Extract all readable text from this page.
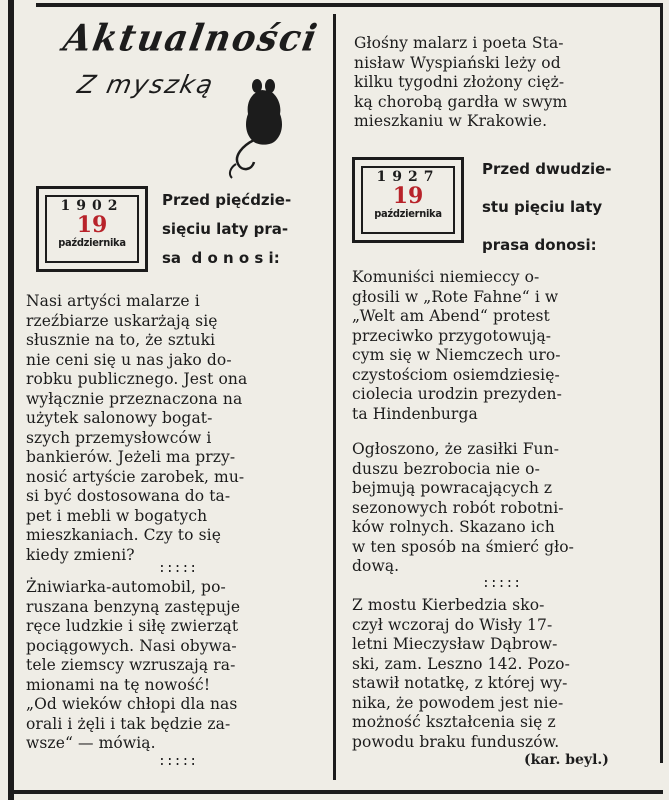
Aktualności
Z myszką
1902
19
października
Przed pięćdzie-
sięciu laty pra-
sa  d o n o s i:
Nasi artyści malarze i
rzeźbiarze uskarżają się
słusznie na to, że sztuki
nie ceni się u nas jako do-
robku publicznego. Jest ona
wyłącznie przeznaczona na
użytek salonowy bogat-
szych przemysłowców i
bankierów. Jeżeli ma przy-
nosić artyście zarobek, mu-
si być dostosowana do ta-
pet i mebli w bogatych
mieszkaniach. Czy to się
kiedy zmieni?
:::::
Żniwiarka-automobil, po-
ruszana benzyną zastępuje
ręce ludzkie i siłę zwierząt
pociągowych. Nasi obywa-
tele ziemscy wzruszają ra-
mionami na tę nowość!
„Od wieków chłopi dla nas
orali i żęli i tak będzie za-
wsze“ — mówią.
:::::
Głośny malarz i poeta Sta-
nisław Wyspiański leży od
kilku tygodni złożony cięż-
ką chorobą gardła w swym
mieszkaniu w Krakowie.
1927
19
października
Przed dwudzie-
stu pięciu laty
prasa donosi:
Komuniści niemieccy o-
głosili w „Rote Fahne“ i w
„Welt am Abend“ protest
przeciwko przygotowują-
cym się w Niemczech uro-
czystościom osiemdziesię-
ciolecia urodzin prezyden-
ta Hindenburga
Ogłoszono, że zasiłki Fun-
duszu bezrobocia nie o-
bejmują powracających z
sezonowych robót robotni-
ków rolnych. Skazano ich
w ten sposób na śmierć gło-
dową.
:::::
Z mostu Kierbedzia sko-
czył wczoraj do Wisły 17-
letni Mieczysław Dąbrow-
ski, zam. Leszno 142. Pozo-
stawił notatkę, z której wy-
nika, że powodem jest nie-
możność kształcenia się z
powodu braku funduszów.
(kar. beyl.)
